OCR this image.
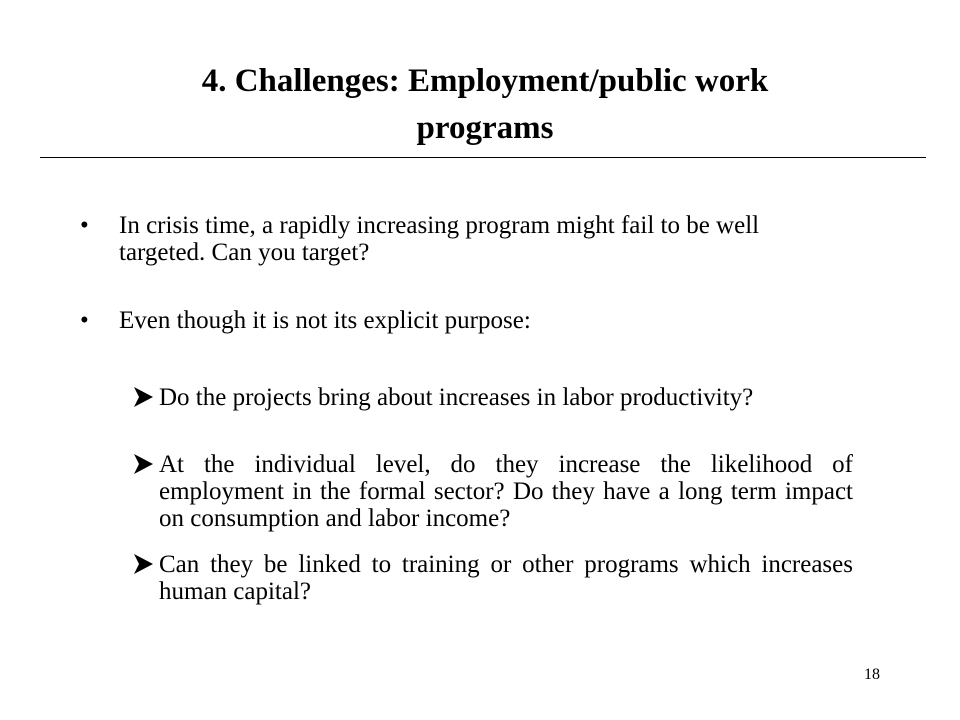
4. Challenges: Employment/public work
programs
•	In crisis time, a rapidly increasing program might fail to be well targeted. Can you target?
•	Even though it is not its explicit purpose:
Do the projects bring about increases in labor productivity?
At the individual level, do they increase the likelihood of employment in the formal sector? Do they have a long term impact on consumption and labor income?
Can they be linked to training or other programs which increases human capital?
18
